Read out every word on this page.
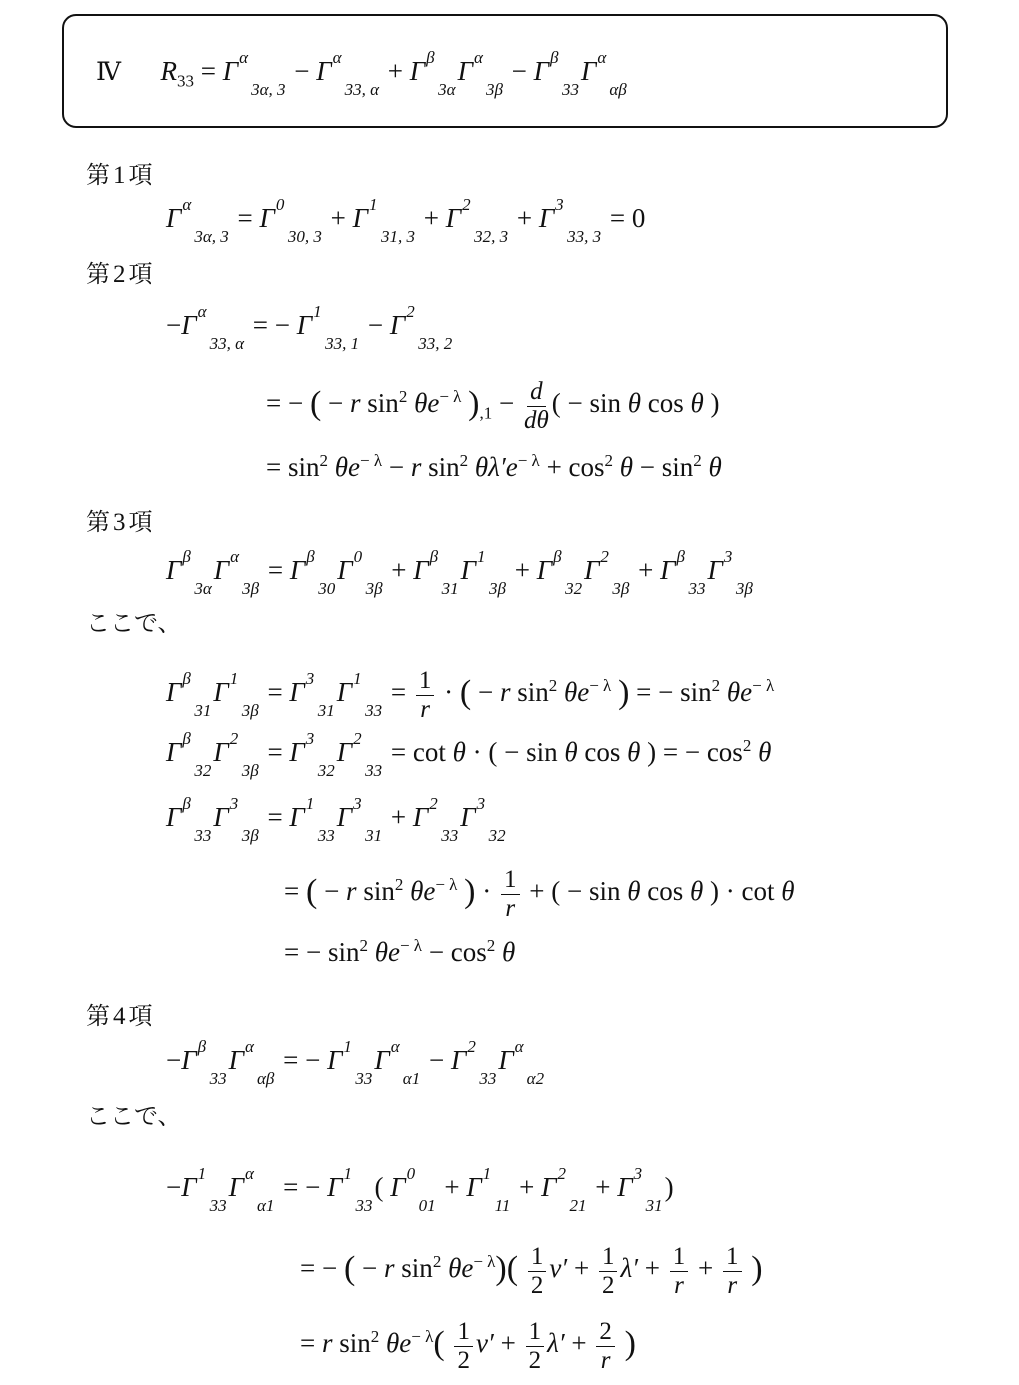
Ⅳ $R_{33} = \Gamma$ α
3α, 3
− Γ α
33, α
+ Γ β
3α
Γ α
3β
− Γ β
33
Γ α
αβ
第 1 項
Γ α
3α, 3
= Γ 0
30, 3
+ Γ 1
31, 3
+ Γ 2
32, 3
+ Γ 3
33, 3
= 0
第 2 項
−Γ α
33, α
= − Γ 1
33, 1
− Γ 2
33, 2
= − ( − r $\sin^2 \theta e^{- \lambda}$ )$_{,1} - \frac{d}{d\theta}$ ( − sin θ cos θ )
= $\sin^2 \theta e^{- \lambda} - r$ $\sin^2 \theta\lambda'e^{- \lambda} + \cos^2 \theta - \sin^2 \theta$
第 3 項
Γ β
3α
Γ α
3β
= Γ β
30
Γ 0
3β
+ Γ β
31
Γ 1
3β
+ Γ β
32
Γ 2
3β
+ Γ β
33
Γ 3
3β
ここで、
Γ β
31
Γ 1
3β
= Γ 3
31
Γ 1
33
= $\frac{1}{r}$ · ( − r $\sin^2 \theta e^{- \lambda}$ ) = − $\sin^2 \theta e^{- \lambda}$
Γ β
32
Γ 2
3β
= Γ 3
32
Γ 2
33
= cot θ · ( − sin θ cos θ ) = − $\cos^2 \theta$
Γ β
33
Γ 3
3β
= Γ 1
33
Γ 3
31
+ Γ 2
33
Γ 3
32
= ( − r $\sin^2 \theta e^{- \lambda}$ ) · $\frac{1}{r}$ + ( − sin θ cos θ ) · cot θ
= − $\sin^2 \theta e^{- \lambda} - \cos^2 \theta$
第 4 項
−Γ β
33
Γ α
αβ
= − Γ 1
33
Γ α
α1
− Γ 2
33
Γ α
α2
ここで、
−Γ 1
33
Γ α
α1
= − Γ 1
33
( Γ 0
01
+ Γ 1
11
+ Γ 2
21
+ Γ 3
31
)
= − ( − r $\sin^2 \theta e^{- \lambda})( \frac{1}{2} \nu' + \frac{1}{2} \lambda' + \frac{1}{r} + \frac{1}{r}$ )
= r $\sin^2 \theta e^{- \lambda}( \frac{1}{2} \nu' + \frac{1}{2} \lambda' + \frac{2}{r}$ )
